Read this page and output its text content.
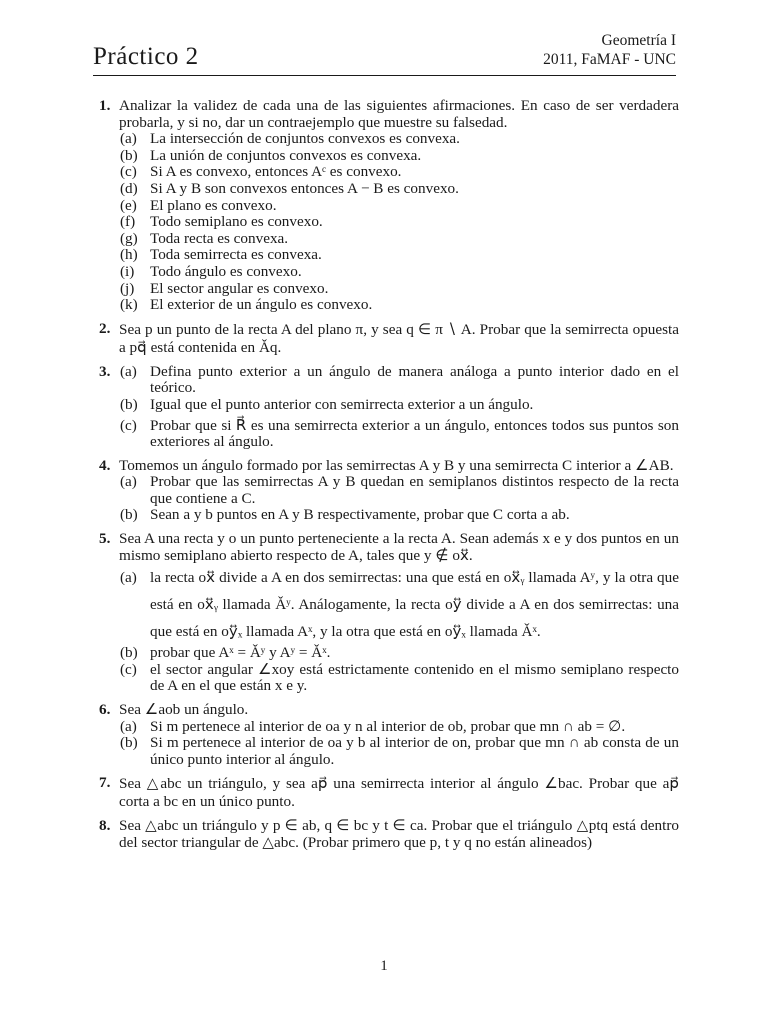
Práctico 2
Geometría I
2011, FaMAF - UNC
1. Analizar la validez de cada una de las siguientes afirmaciones. En caso de ser verdadera probarla, y si no, dar un contraejemplo que muestre su falsedad.
(a) La intersección de conjuntos convexos es convexa.
(b) La unión de conjuntos convexos es convexa.
(c) Si A es convexo, entonces Aᶜ es convexo.
(d) Si A y B son convexos entonces A − B es convexo.
(e) El plano es convexo.
(f) Todo semiplano es convexo.
(g) Toda recta es convexa.
(h) Toda semirrecta es convexa.
(i)	Todo ángulo es convexo.
(j)	El sector angular es convexo.
(k) El exterior de un ángulo es convexo.
2. Sea p un punto de la recta A del plano π, y sea q ∈ π ∖ A. Probar que la semirrecta opuesta a pq⃗ está contenida en Ǎq.
3. (a) Defina punto exterior a un ángulo de manera análoga a punto interior dado en el teórico.
(b) Igual que el punto anterior con semirrecta exterior a un ángulo.
(c) Probar que si R⃗ es una semirrecta exterior a un ángulo, entonces todos sus puntos son exteriores al ángulo.
4. Tomemos un ángulo formado por las semirrectas A y B y una semirrecta C interior a ∠AB.
(a) Probar que las semirrectas A y B quedan en semiplanos distintos respecto de la recta que contiene a C.
(b) Sean a y b puntos en A y B respectivamente, probar que C corta a ab.
5. Sea A una recta y o un punto perteneciente a la recta A. Sean además x e y dos puntos en un mismo semiplano abierto respecto de A, tales que y ∉ ox⃡.
(a) la recta ox⃡ divide a A en dos semirrectas: una que está en ox⃡ᵧ llamada Aʸ, y la otra que está en ox⃡ᵧ llamada Ǎʸ. Análogamente, la recta oy⃡ divide a A en dos semirrectas: una que está en oy⃡ₓ llamada Aˣ, y la otra que está en oy⃡ₓ llamada Ǎˣ.
(b) probar que Aˣ = Ǎʸ y Aʸ = Ǎˣ.
(c) el sector angular ∠xoy está estrictamente contenido en el mismo semiplano respecto de A en el que están x e y.
6. Sea ∠aob un ángulo.
(a) Si m pertenece al interior de oa y n al interior de ob, probar que mn ∩ ab = ∅.
(b) Si m pertenece al interior de oa y b al interior de on, probar que mn ∩ ab consta de un único punto interior al ángulo.
7. Sea △abc un triángulo, y sea ap⃗ una semirrecta interior al ángulo ∠bac. Probar que ap⃗ corta a bc en un único punto.
8. Sea △abc un triángulo y p ∈ ab, q ∈ bc y t ∈ ca. Probar que el triángulo △ptq está dentro del sector triangular de △abc. (Probar primero que p, t y q no están alineados)
1
